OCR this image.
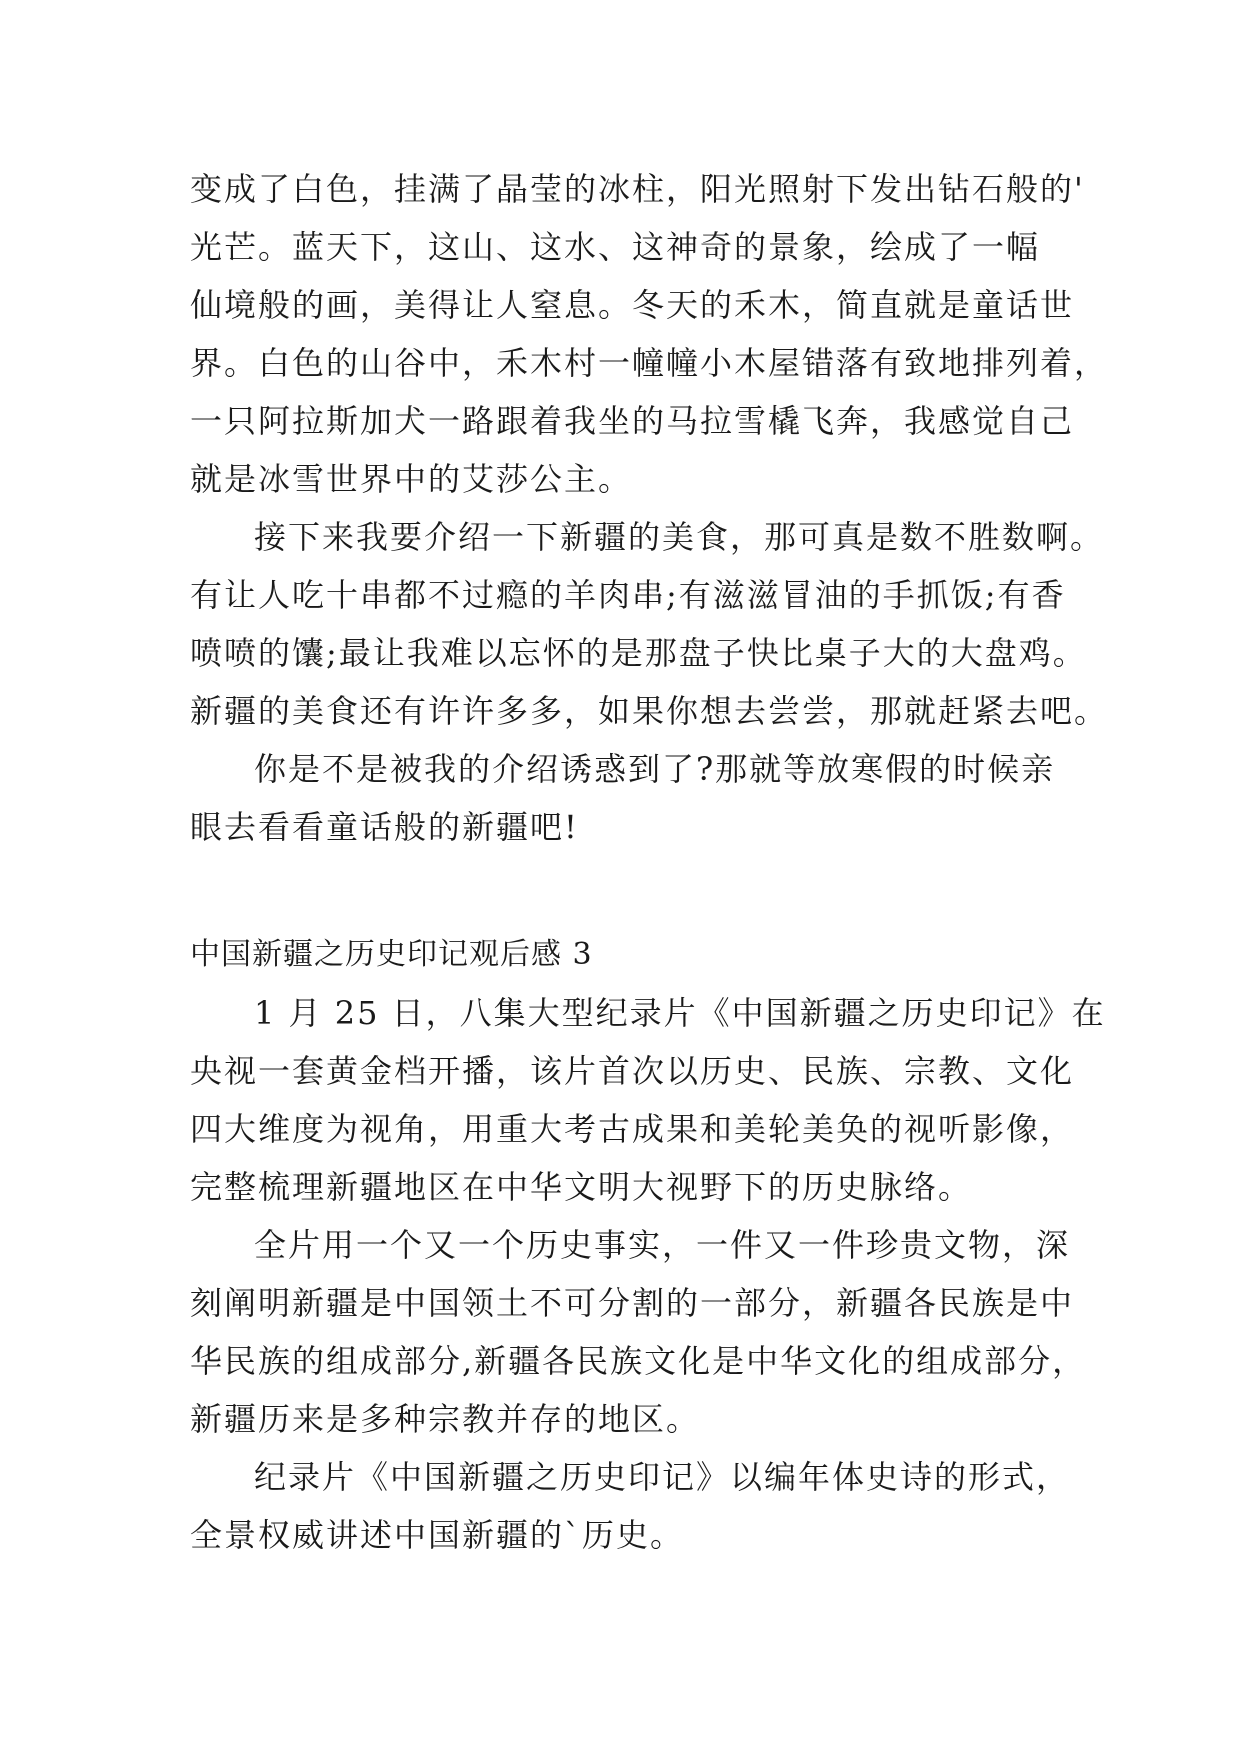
变成了白色，挂满了晶莹的冰柱，阳光照射下发出钻石般的'
光芒。蓝天下，这山、这水、这神奇的景象，绘成了一幅
仙境般的画，美得让人窒息。冬天的禾木，简直就是童话世
界。白色的山谷中，禾木村一幢幢小木屋错落有致地排列着，
一只阿拉斯加犬一路跟着我坐的马拉雪橇飞奔，我感觉自己
就是冰雪世界中的艾莎公主。
接下来我要介绍一下新疆的美食，那可真是数不胜数啊。
有让人吃十串都不过瘾的羊肉串;有滋滋冒油的手抓饭;有香
喷喷的馕;最让我难以忘怀的是那盘子快比桌子大的大盘鸡。
新疆的美食还有许许多多，如果你想去尝尝，那就赶紧去吧。
你是不是被我的介绍诱惑到了?那就等放寒假的时候亲
眼去看看童话般的新疆吧!
中国新疆之历史印记观后感 3
1 月 25 日，八集大型纪录片《中国新疆之历史印记》在
央视一套黄金档开播，该片首次以历史、民族、宗教、文化
四大维度为视角，用重大考古成果和美轮美奂的视听影像，
完整梳理新疆地区在中华文明大视野下的历史脉络。
全片用一个又一个历史事实，一件又一件珍贵文物，深
刻阐明新疆是中国领土不可分割的一部分，新疆各民族是中
华民族的组成部分,新疆各民族文化是中华文化的组成部分，
新疆历来是多种宗教并存的地区。
纪录片《中国新疆之历史印记》以编年体史诗的形式，
全景权威讲述中国新疆的`历史。
